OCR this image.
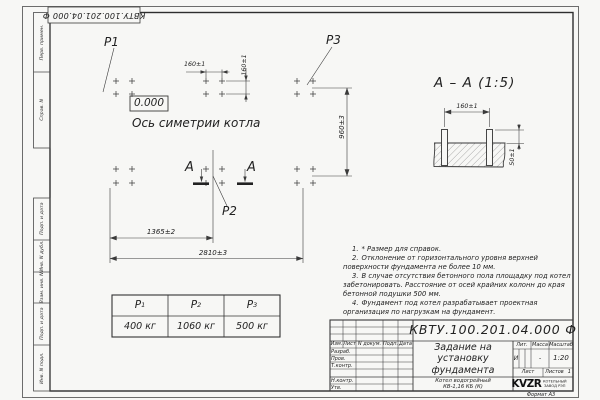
КВТУ.100.201.04.000 Ф
Перв. примен.
Справ. N
Подп. и дата
Инв. N дубл.
Взам. инв. N
Подп. и дата
Инв. N подл.
P1	P3
P2
0.000
Ось симетрии котла
160±1	160±1
1365±2
2810±3
960±3
A	A
A – A (1:5)
160±1
50±1

1. * Размер для справок.

2. Отклонение от горизонтального уровня верхней поверхности фундамента не более 10 мм.

3. В случае отсутствия бетонного пола площадку под котел забетонировать. Расстояние от осей крайних колонн до края бетонной подушки 500 мм.

4. Фундамент под котел разрабатывает проектная организация по нагрузкам на фундамент.

P 1	P 2	P 3
400 кг	1060 кг	500 кг
Изм. Лист N докум. Подп. Дата
Разраб.
Пров.
Т.контр.
Н.контр.
Утв.
КВТУ.100.201.04.000 Ф
Задание на
установку
фундамента
Котел водогрейный
КВ-1,16 КБ (К)
Лит. Масса Масштаб
И	-	1:20
Лист	Листов 1
KVZR КОТЕЛЬНЫЙ
ЗАВОД РЭП
Формат А3
